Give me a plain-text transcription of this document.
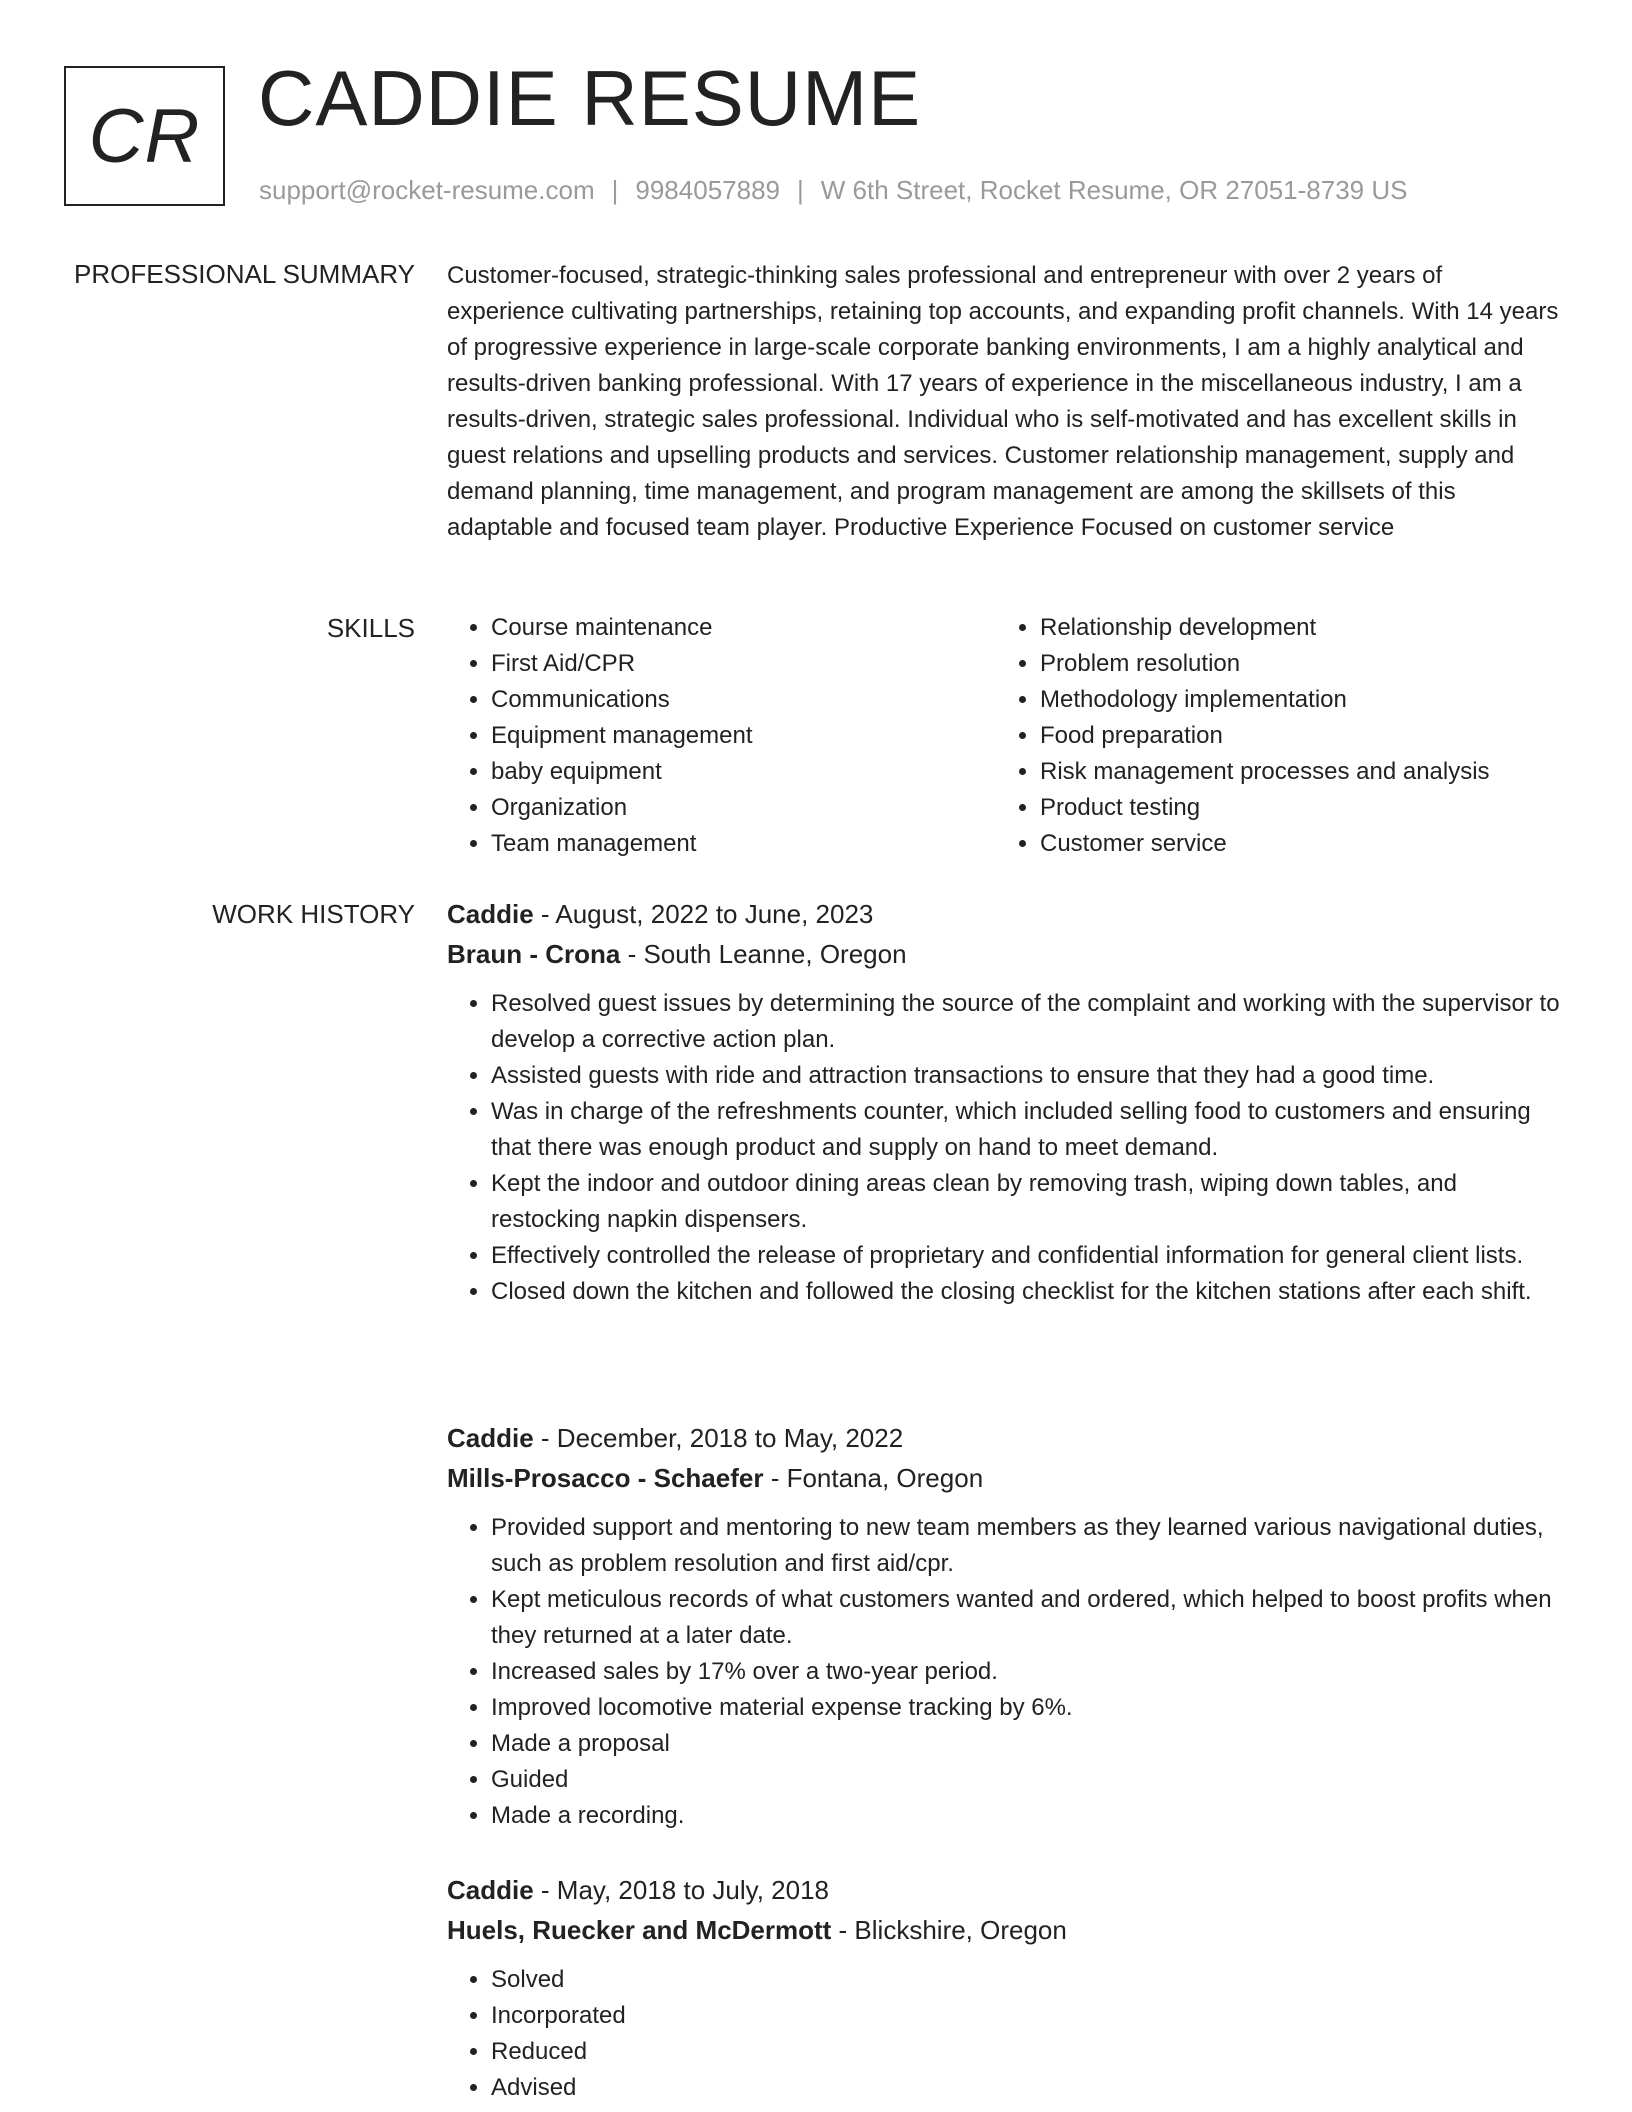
CR CADDIE RESUME
support@rocket-resume.com | 9984057889 | W 6th Street, Rocket Resume, OR 27051-8739 US
PROFESSIONAL SUMMARY Customer-focused, strategic-thinking sales professional and entrepreneur with over 2 years of experience cultivating partnerships, retaining top accounts, and expanding profit channels. With 14 years of progressive experience in large-scale corporate banking environments, I am a highly analytical and results-driven banking professional. With 17 years of experience in the miscellaneous industry, I am a results-driven, strategic sales professional. Individual who is self-motivated and has excellent skills in guest relations and upselling products and services. Customer relationship management, supply and demand planning, time management, and program management are among the skillsets of this adaptable and focused team player. Productive Experience Focused on customer service

SKILLS
•	Course maintenance
• First Aid/CPR
• Communications
• Equipment management
• baby equipment
• Organization
• Team management
• Relationship development
• Problem resolution
• Methodology implementation
• Food preparation
• Risk management processes and analysis
• Product testing
• Customer service
WORK HISTORY Caddie - August, 2022 to June, 2023
Braun - Crona - South Leanne, Oregon
• Resolved guest issues by determining the source of the complaint and working with the supervisor to develop a corrective action plan.
• Assisted guests with ride and attraction transactions to ensure that they had a good time.
• Was in charge of the refreshments counter, which included selling food to customers and ensuring that there was enough product and supply on hand to meet demand.
• Kept the indoor and outdoor dining areas clean by removing trash, wiping down tables, and restocking napkin dispensers.
• Effectively controlled the release of proprietary and confidential information for general client lists.
• Closed down the kitchen and followed the closing checklist for the kitchen stations after each shift.
Caddie - December, 2018 to May, 2022
Mills-Prosacco - Schaefer - Fontana, Oregon
• Provided support and mentoring to new team members as they learned various navigational duties, such as problem resolution and first aid/cpr.
• Kept meticulous records of what customers wanted and ordered, which helped to boost profits when they returned at a later date.
• Increased sales by 17% over a two-year period.
• Improved locomotive material expense tracking by 6%.
• Made a proposal
• Guided
• Made a recording.
Caddie - May, 2018 to July, 2018
Huels, Ruecker and McDermott - Blickshire, Oregon
• Solved
• Incorporated
• Reduced
• Advised
